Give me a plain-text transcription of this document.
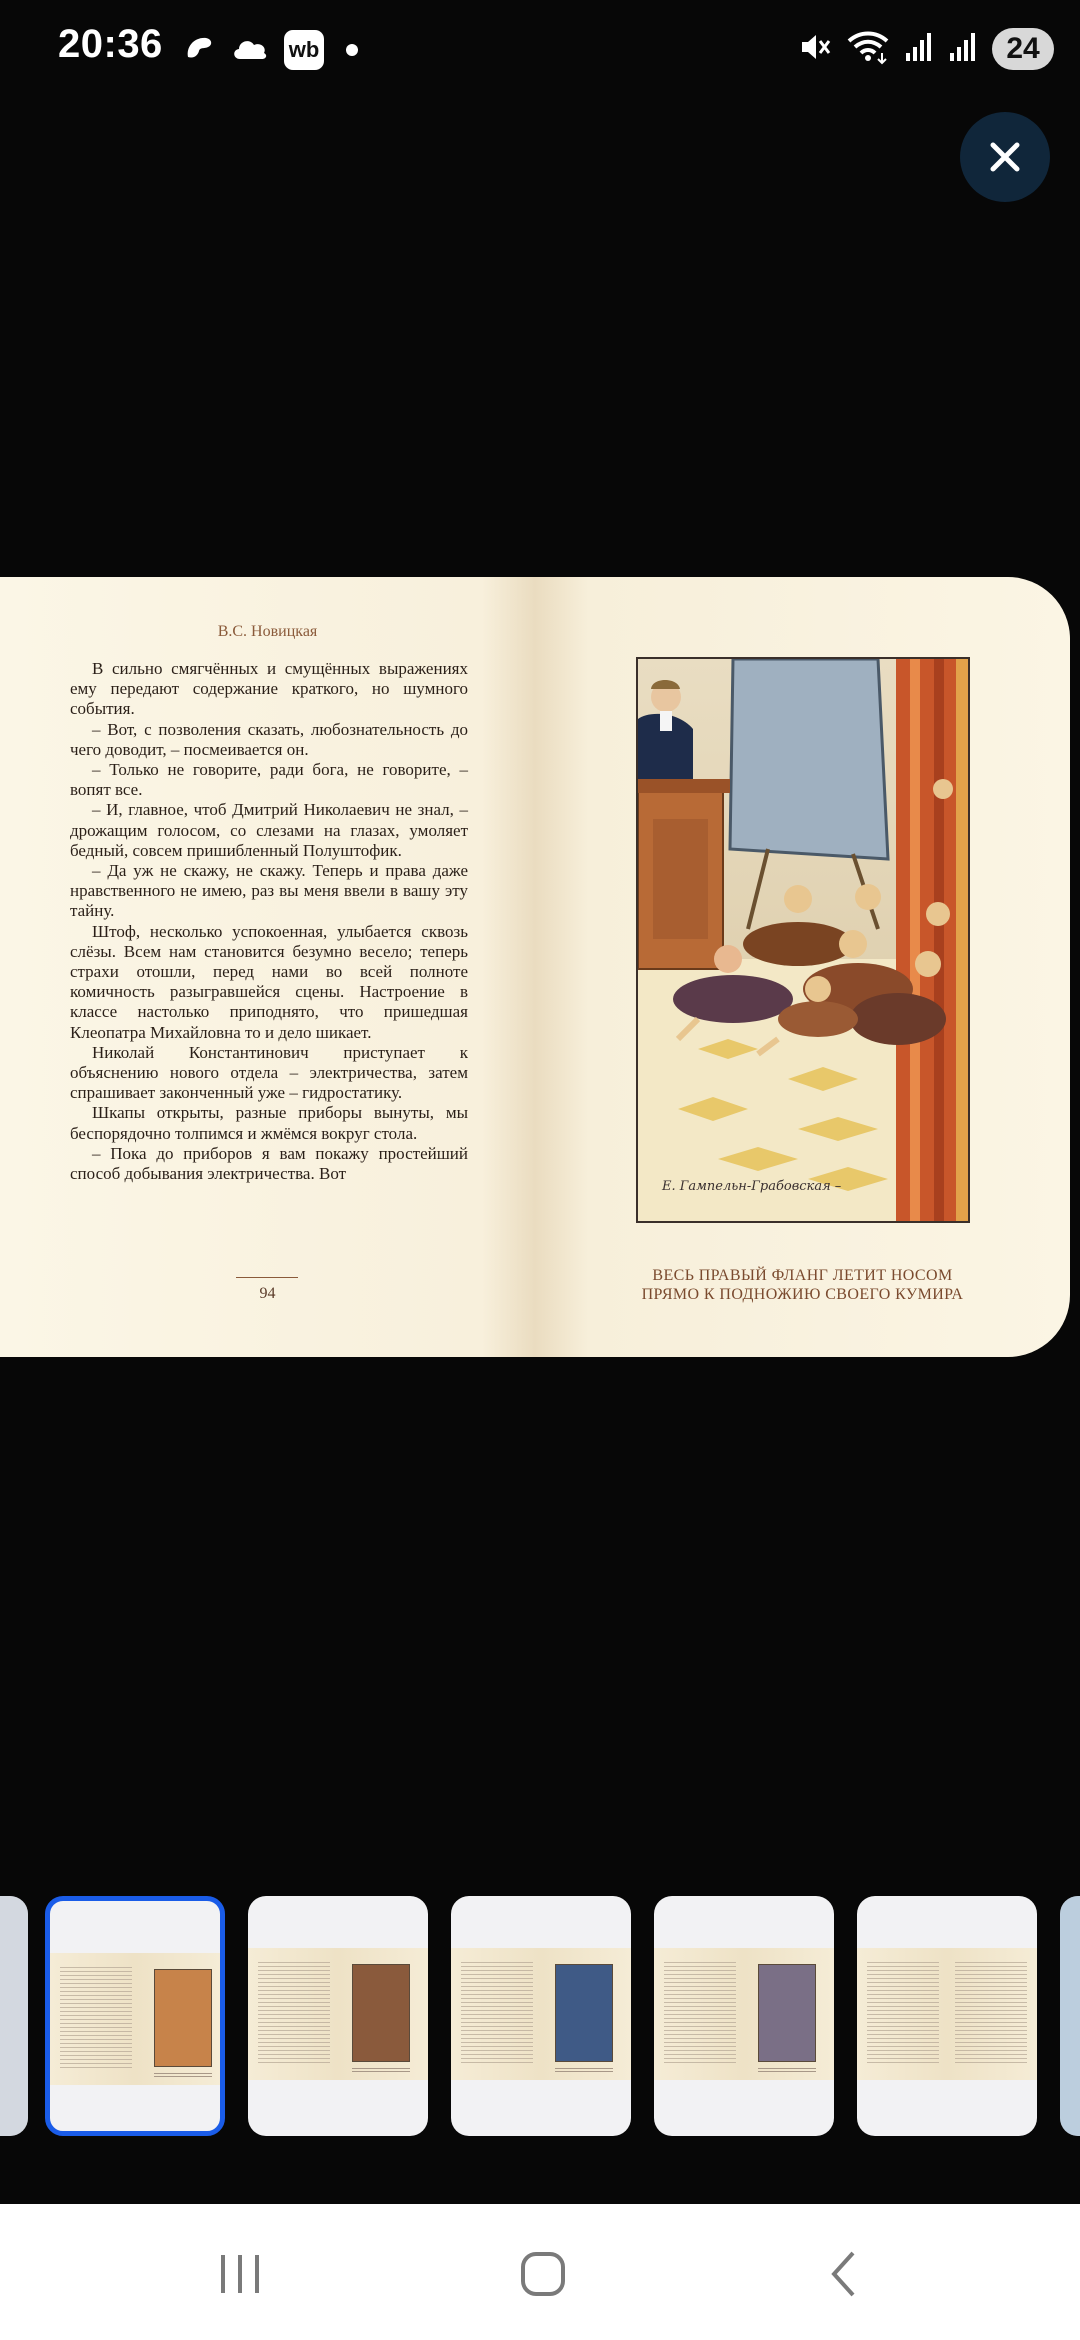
20:36	wb	24
В.С. Новицкая

В сильно смягчённых и смущённых выражениях ему передают содержание краткого, но шумного события.

– Вот, с позволения сказать, любознательность до чего доводит, – посмеивается он.

– Только не говорите, ради бога, не говорите, – вопят все.

– И, главное, чтоб Дмитрий Николаевич не знал, – дрожащим голосом, со слезами на глазах, умоляет бедный, совсем пришибленный Полуштофик.

– Да уж не скажу, не скажу. Теперь и права даже нравственного не имею, раз вы меня ввели в вашу эту тайну.

Штоф, несколько успокоенная, улыбается сквозь слёзы. Всем нам становится безумно весело; теперь страхи отошли, перед нами во всей полноте комичность разыгравшейся сцены. Настроение в классе настолько приподнято, что пришедшая Клеопатра Михайловна то и дело шикает.

Николай Константинович приступает к объяснению нового отдела – электричества, затем спрашивает законченный уже – гидростатику.

Шкапы открыты, разные приборы вынуты, мы беспорядочно толпимся и жмёмся вокруг стола.

– Пока до приборов я вам покажу простейший способ добывания электричества. Вот

94
Е. Гампельн-Грабовская –
ВЕСЬ ПРАВЫЙ ФЛАНГ ЛЕТИТ НОСОМ
ПРЯМО К ПОДНОЖИЮ СВОЕГО КУМИРА
